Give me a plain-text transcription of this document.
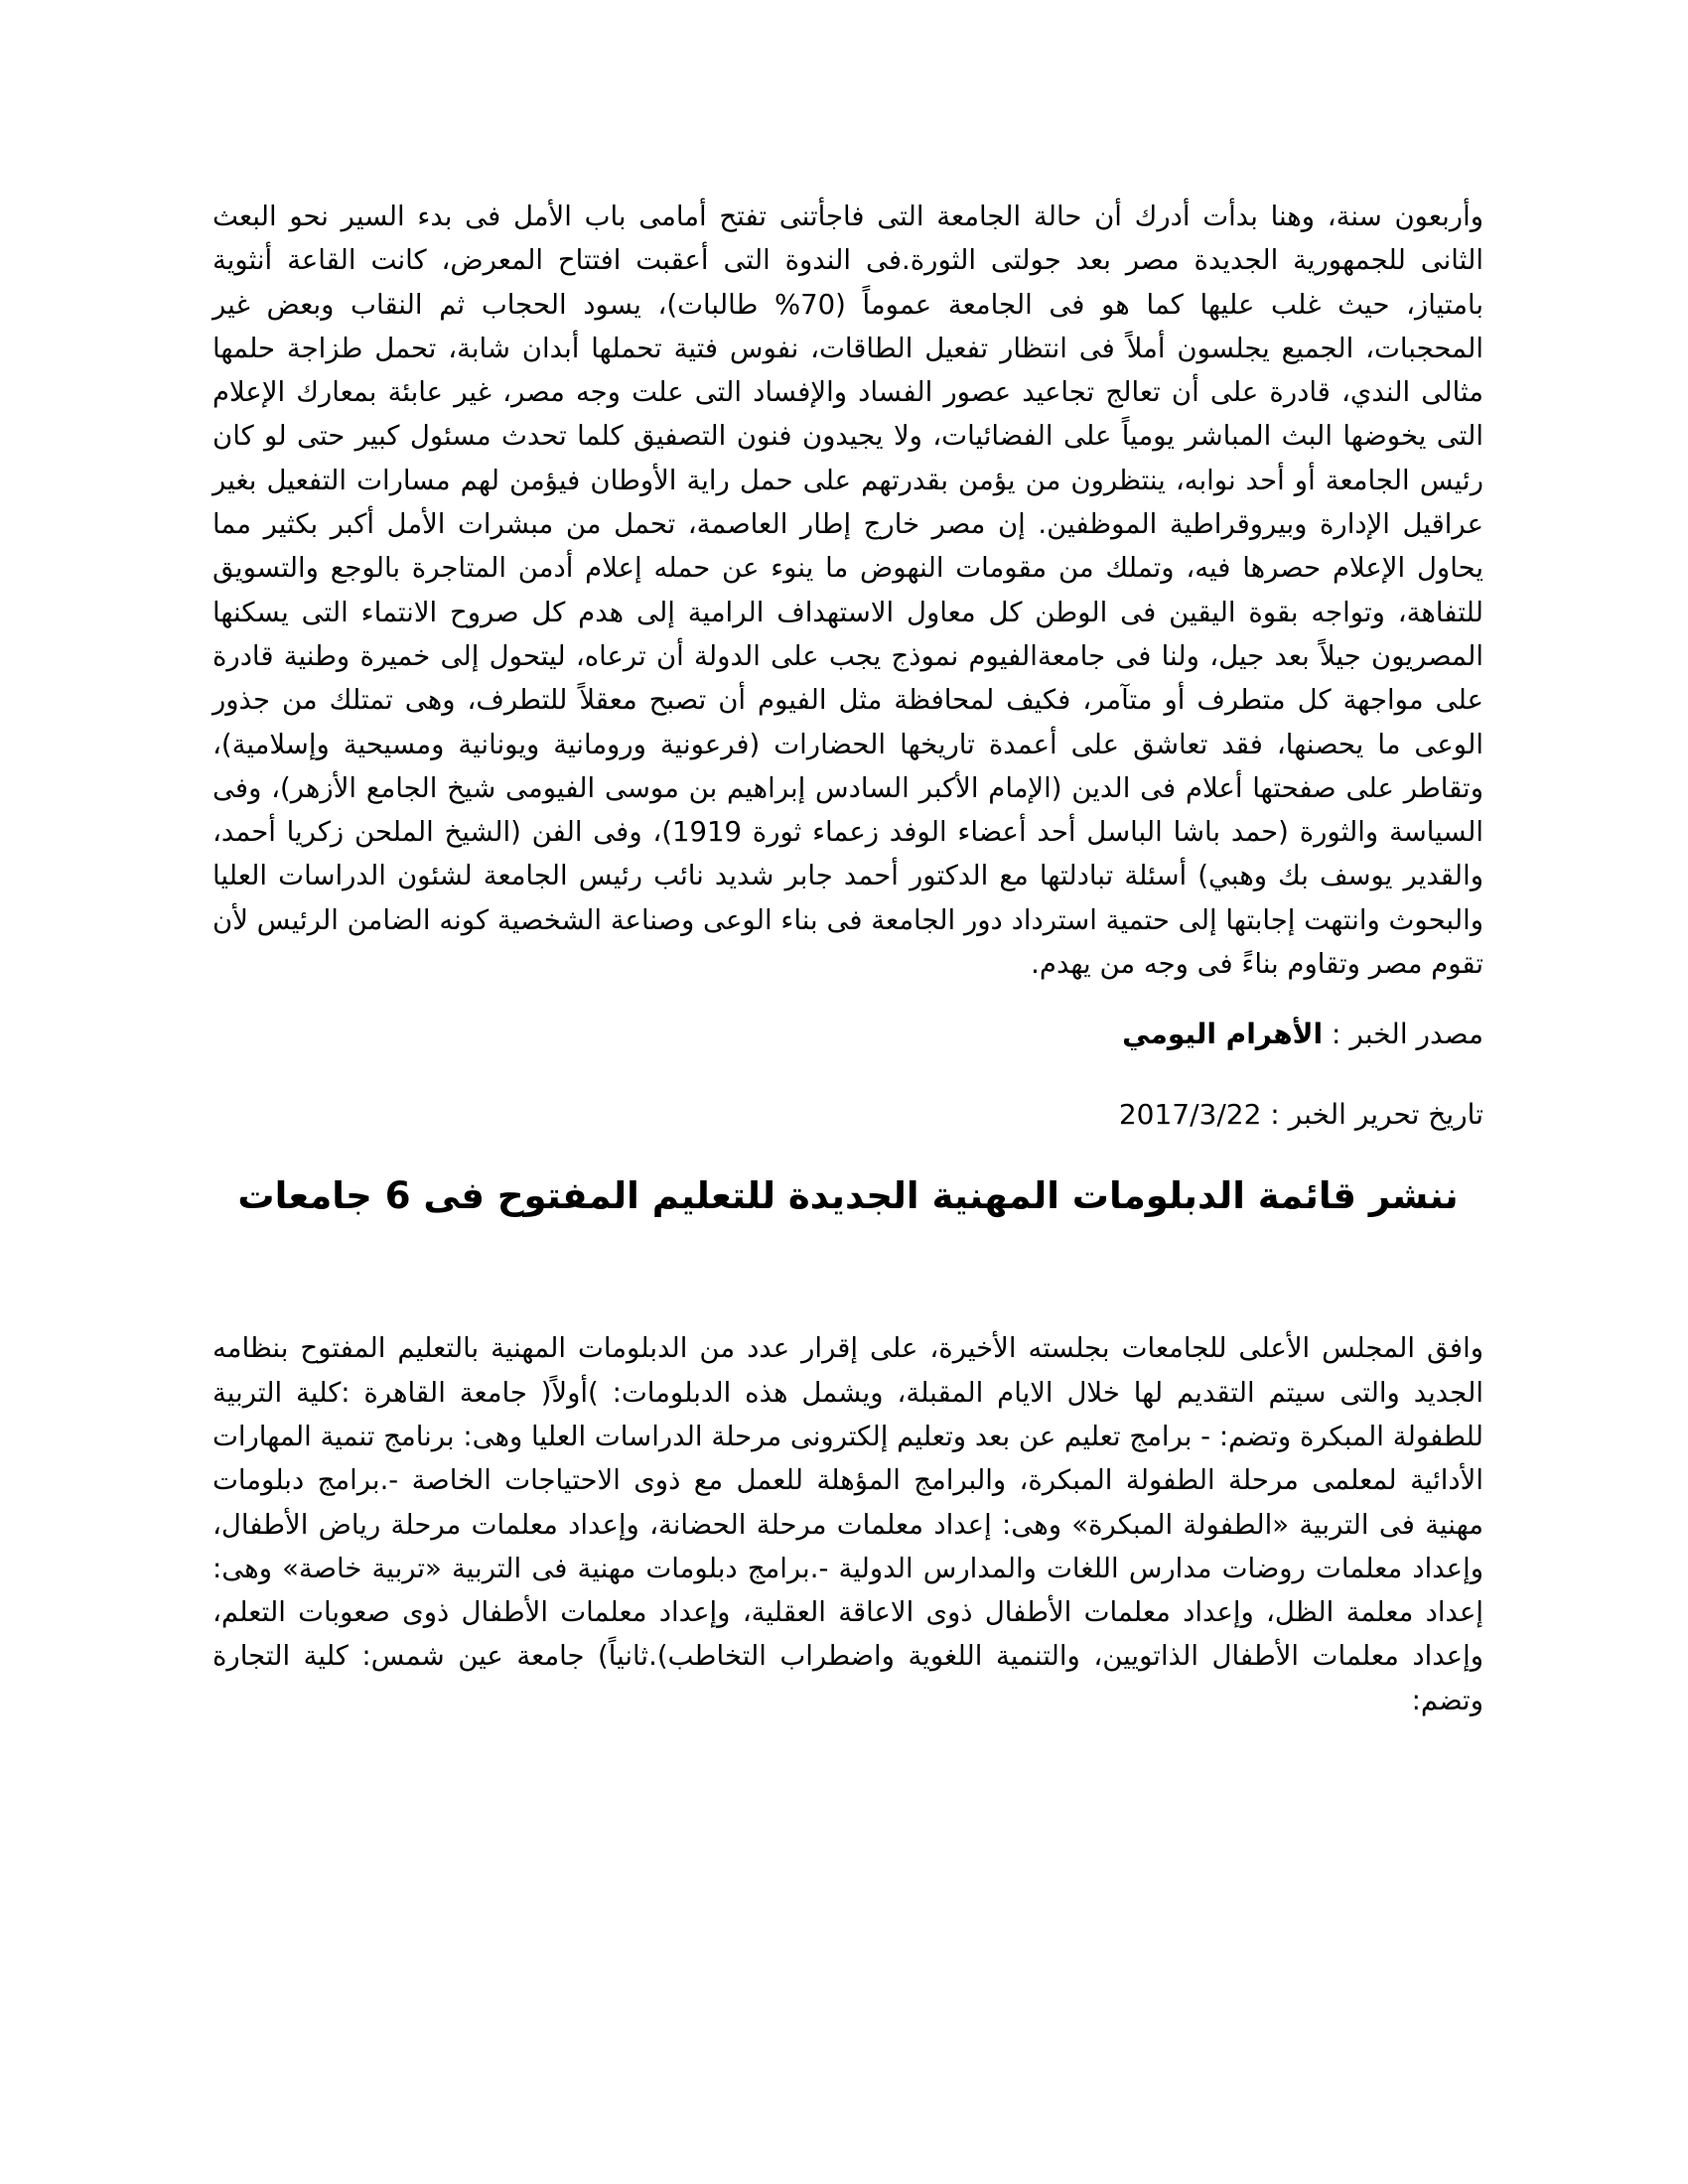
وأربعون سنة، وهنا بدأت أدرك أن حالة الجامعة التى فاجأتنى تفتح أمامى باب الأمل فى بدء السير نحو البعث الثانى للجمهورية الجديدة مصر بعد جولتى الثورة.فى الندوة التى أعقبت افتتاح المعرض، كانت القاعة أنثوية بامتياز، حيث غلب عليها كما هو فى الجامعة عموماً (70% طالبات)، يسود الحجاب ثم النقاب وبعض غير المحجبات، الجميع يجلسون أملاً فى انتظار تفعيل الطاقات، نفوس فتية تحملها أبدان شابة، تحمل طزاجة حلمها مثالى الندي، قادرة على أن تعالج تجاعيد عصور الفساد والإفساد التى علت وجه مصر، غير عابئة بمعارك الإعلام التى يخوضها البث المباشر يومياً على الفضائيات، ولا يجيدون فنون التصفيق كلما تحدث مسئول كبير حتى لو كان رئيس الجامعة أو أحد نوابه، ينتظرون من يؤمن بقدرتهم على حمل راية الأوطان فيؤمن لهم مسارات التفعيل بغير عراقيل الإدارة وبيروقراطية الموظفين. إن مصر خارج إطار العاصمة، تحمل من مبشرات الأمل أكبر بكثير مما يحاول الإعلام حصرها فيه، وتملك من مقومات النهوض ما ينوء عن حمله إعلام أدمن المتاجرة بالوجع والتسويق للتفاهة، وتواجه بقوة اليقين فى الوطن كل معاول الاستهداف الرامية إلى هدم كل صروح الانتماء التى يسكنها المصريون جيلاً بعد جيل، ولنا فى جامعةالفيوم نموذج يجب على الدولة أن ترعاه، ليتحول إلى خميرة وطنية قادرة على مواجهة كل متطرف أو متآمر، فكيف لمحافظة مثل الفيوم أن تصبح معقلاً للتطرف، وهى تمتلك من جذور الوعى ما يحصنها، فقد تعاشق على أعمدة تاريخها الحضارات (فرعونية ورومانية ويونانية ومسيحية وإسلامية)، وتقاطر على صفحتها أعلام فى الدين (الإمام الأكبر السادس إبراهيم بن موسى الفيومى شيخ الجامع الأزهر)، وفى السياسة والثورة (حمد باشا الباسل أحد أعضاء الوفد زعماء ثورة 1919)، وفى الفن (الشيخ الملحن زكريا أحمد، والقدير يوسف بك وهبي) أسئلة تبادلتها مع الدكتور أحمد جابر شديد نائب رئيس الجامعة لشئون الدراسات العليا والبحوث وانتهت إجابتها إلى حتمية استرداد دور الجامعة فى بناء الوعى وصناعة الشخصية كونه الضامن الرئيس لأن تقوم مصر وتقاوم بناءً فى وجه من يهدم.

مصدر الخبر : الأهرام اليومي

تاريخ تحرير الخبر : 2017/3/22

ننشر قائمة الدبلومات المهنية الجديدة للتعليم المفتوح فى 6 جامعات

وافق المجلس الأعلى للجامعات بجلسته الأخيرة، على إقرار عدد من الدبلومات المهنية بالتعليم المفتوح بنظامه الجديد والتى سيتم التقديم لها خلال الايام المقبلة، ويشمل هذه الدبلومات: )أولاً( جامعة القاهرة :كلية التربية للطفولة المبكرة وتضم: - برامج تعليم عن بعد وتعليم إلكترونى مرحلة الدراسات العليا وهى: برنامج تنمية المهارات الأدائية لمعلمى مرحلة الطفولة المبكرة، والبرامج المؤهلة للعمل مع ذوى الاحتياجات الخاصة -.برامج دبلومات مهنية فى التربية «الطفولة المبكرة» وهى: إعداد معلمات مرحلة الحضانة، وإعداد معلمات مرحلة رياض الأطفال، وإعداد معلمات روضات مدارس اللغات والمدارس الدولية -.برامج دبلومات مهنية فى التربية «تربية خاصة» وهى: إعداد معلمة الظل، وإعداد معلمات الأطفال ذوى الاعاقة العقلية، وإعداد معلمات الأطفال ذوى صعوبات التعلم، وإعداد معلمات الأطفال الذاتويين، والتنمية اللغوية واضطراب التخاطب).ثانياً) جامعة عين شمس: كلية التجارة وتضم:
